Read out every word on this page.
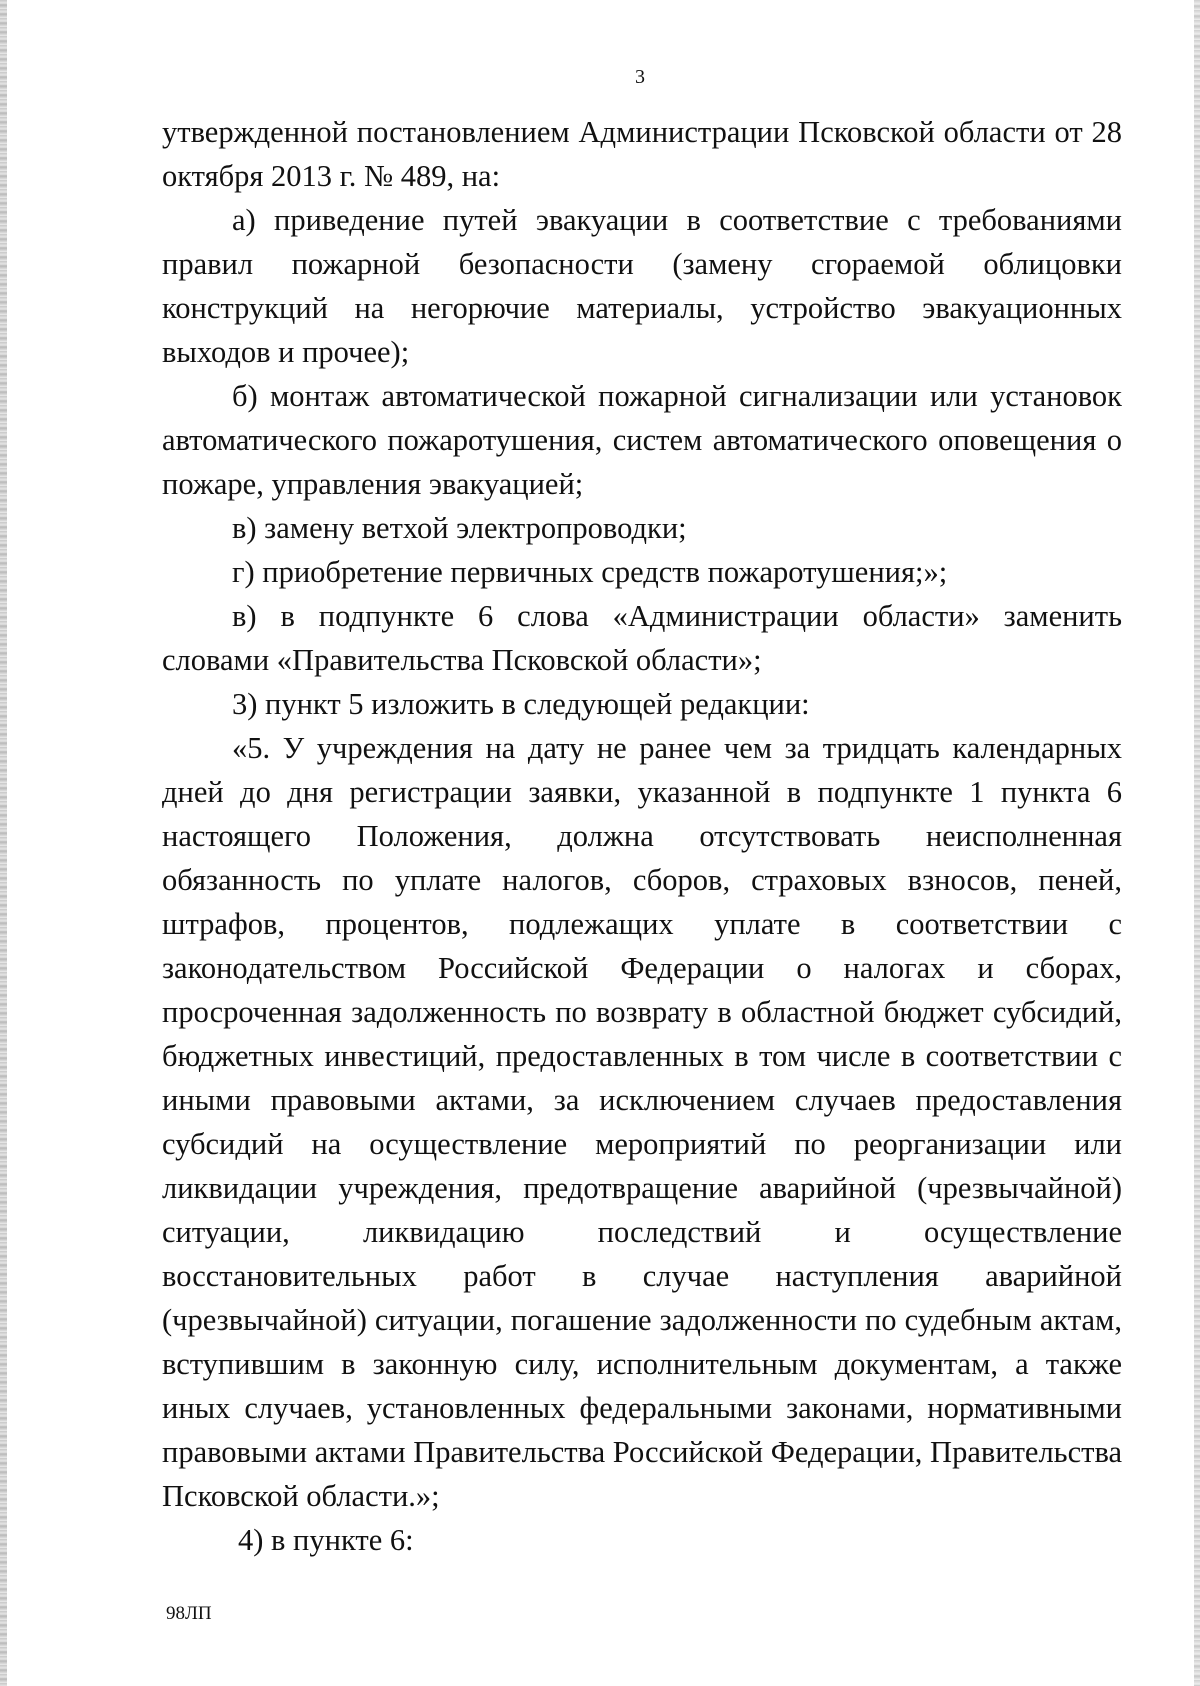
3

утвержденной постановлением Администрации Псковской области от 28 октября 2013 г. № 489, на:

а) приведение путей эвакуации в соответствие с требованиями правил пожарной безопасности (замену сгораемой облицовки конструкций на негорючие материалы, устройство эвакуационных выходов и прочее);

б) монтаж автоматической пожарной сигнализации или установок автоматического пожаротушения, систем автоматического оповещения о пожаре, управления эвакуацией;

в) замену ветхой электропроводки;

г) приобретение первичных средств пожаротушения;»;

в) в подпункте 6 слова «Администрации области» заменить словами «Правительства Псковской области»;

3) пункт 5 изложить в следующей редакции:

«5. У учреждения на дату не ранее чем за тридцать календарных дней до дня регистрации заявки, указанной в подпункте 1 пункта 6 настоящего Положения, должна отсутствовать неисполненная обязанность по уплате налогов, сборов, страховых взносов, пеней, штрафов, процентов, подлежащих уплате в соответствии с законодательством Российской Федерации о налогах и сборах, просроченная задолженность по возврату в областной бюджет субсидий, бюджетных инвестиций, предоставленных в том числе в соответствии с иными правовыми актами, за исключением случаев предоставления субсидий на осуществление мероприятий по реорганизации или ликвидации учреждения, предотвращение аварийной (чрезвычайной) ситуации, ликвидацию последствий и осуществление восстановительных работ в случае наступления аварийной (чрезвычайной) ситуации, погашение задолженности по судебным актам, вступившим в законную силу, исполнительным документам, а также иных случаев, установленных федеральными законами, нормативными правовыми актами Правительства Российской Федерации, Правительства Псковской области.»;

4) в пункте 6:

98ЛП
